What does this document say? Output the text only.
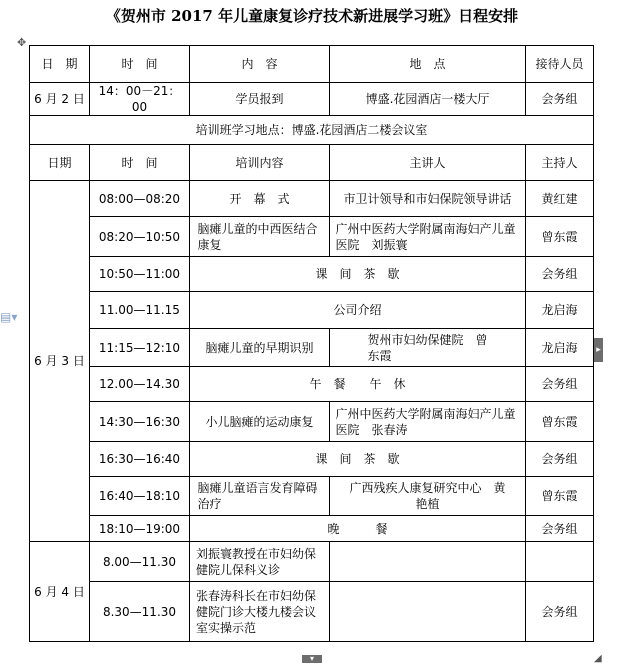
《贺州市 2017 年儿童康复诊疗技术新进展学习班》日程安排
✥
▤▾
日　期	时　间	内　容	地　点	接待人员
6 月 2 日	14：00－21：00	学员报到	博盛.花园酒店一楼大厅	会务组
培训班学习地点：博盛.花园酒店二楼会议室				
日期	时　间	培训内容	主讲人	主持人
6 月 3 日	08:00—08:20	开　幕　式	市卫计领导和市妇保院领导讲话	黄红建
	08:20—10:50	脑瘫儿童的中西医结合康复	广州中医药大学附属南海妇产儿童医院　刘振寰	曾东霞
	10:50—11:00	课　间　茶　歇		会务组
	11.00—11.15	公司介绍		龙启海
	11:15—12:10	脑瘫儿童的早期识别	贺州市妇幼保健院　曾东霞	龙启海
	12.00—14.30	午　餐　　午　休		会务组
	14:30—16:30	小儿脑瘫的运动康复	广州中医药大学附属南海妇产儿童医院　张春涛	曾东霞
	16:30—16:40	课　间　茶　歇		会务组
	16:40—18:10	脑瘫儿童语言发育障碍治疗	广西残疾人康复研究中心　黄艳植	曾东霞
	18:10—19:00	晚　　　餐		会务组
6 月 4 日	8.00—11.30	刘振寰教授在市妇幼保健院儿保科义诊		
	8.30—11.30	张春涛科长在市妇幼保健院门诊大楼九楼会议室实操示范		会务组
▸
▾	◢
